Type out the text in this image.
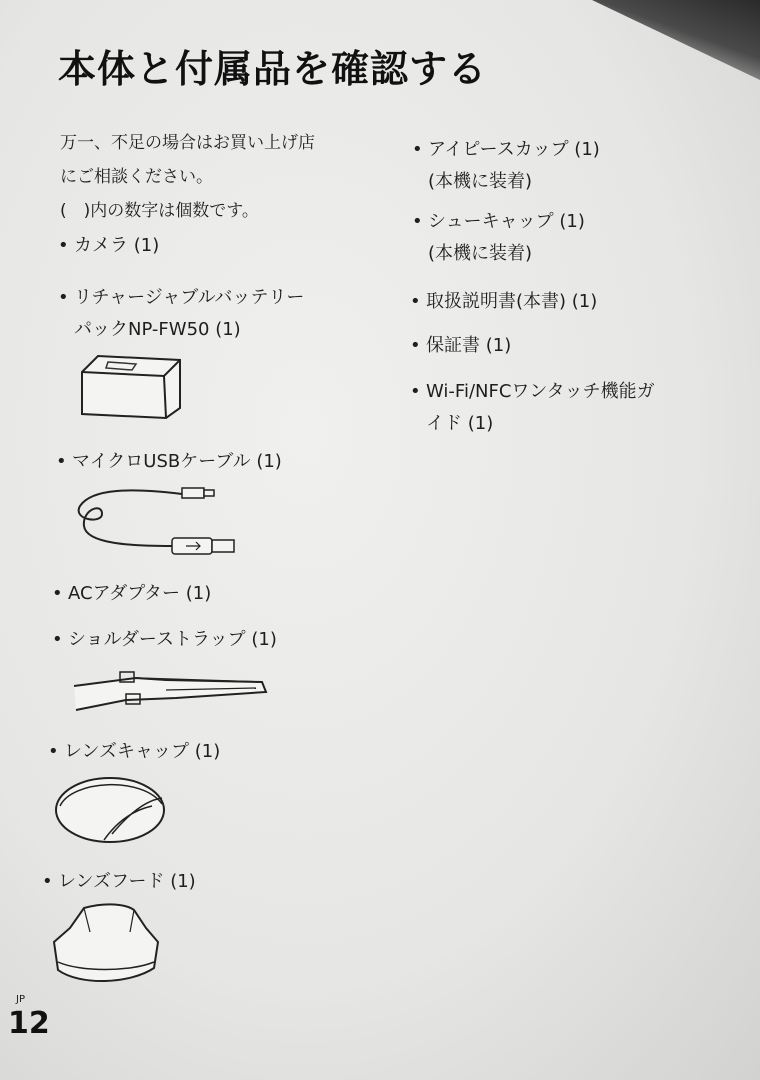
本体と付属品を確認する
万一、不足の場合はお買い上げ店
にご相談ください。
(　)内の数字は個数です。
• カメラ (1)
• リチャージャブルバッテリー
パックNP-FW50 (1)
• マイクロUSBケーブル (1)
• ACアダプター (1)
• ショルダーストラップ (1)
• レンズキャップ (1)
• レンズフード (1)
• アイピースカップ (1)
(本機に装着)
• シューキャップ (1)
(本機に装着)
• 取扱説明書(本書) (1)
• 保証書 (1)
• Wi-Fi/NFCワンタッチ機能ガ
イド (1)
JP
12
